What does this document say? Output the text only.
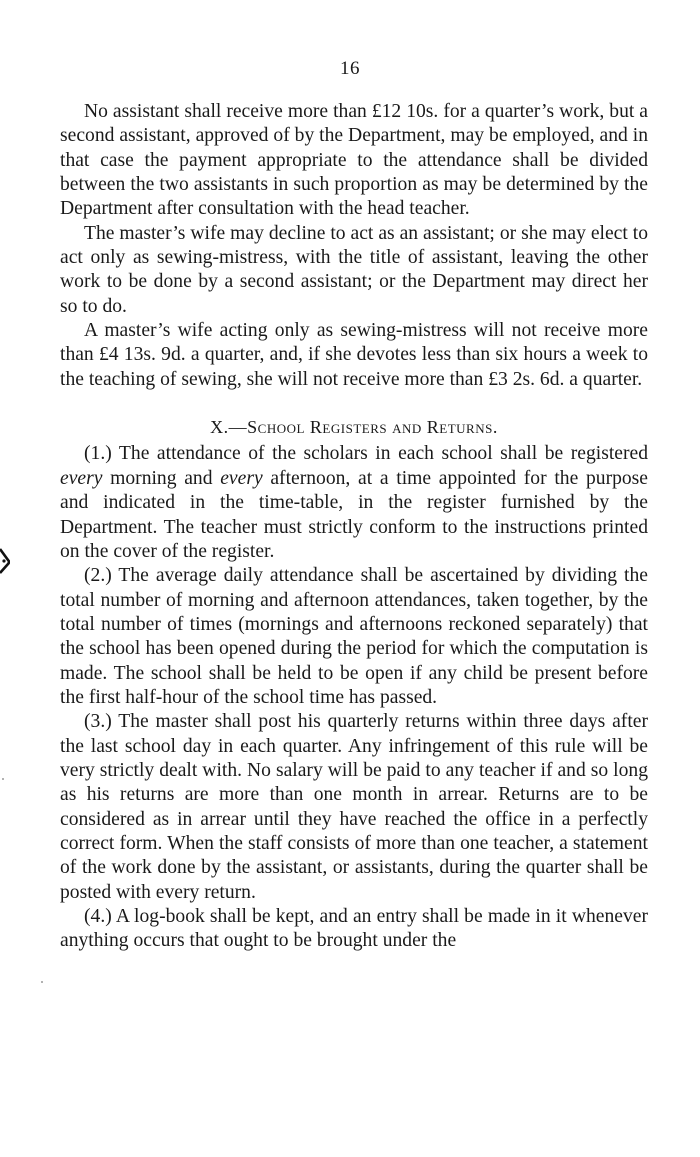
16

No assistant shall receive more than £12 10s. for a quarter’s work, but a second assistant, approved of by the Department, may be employed, and in that case the payment appropriate to the attendance shall be divided between the two assistants in such proportion as may be determined by the Department after consultation with the head teacher.

The master’s wife may decline to act as an assistant; or she may elect to act only as sewing-mistress, with the title of assistant, leaving the other work to be done by a second assistant; or the Department may direct her so to do.

A master’s wife acting only as sewing-mistress will not receive more than £4 13s. 9d. a quarter, and, if she devotes less than six hours a week to the teaching of sewing, she will not receive more than £3 2s. 6d. a quarter.

X.—School Registers and Returns.

(1.) The attendance of the scholars in each school shall be registered every morning and every afternoon, at a time appointed for the purpose and indicated in the time-table, in the register furnished by the Department. The teacher must strictly conform to the instructions printed on the cover of the register.

(2.) The average daily attendance shall be ascertained by dividing the total number of morning and afternoon attendances, taken together, by the total number of times (mornings and afternoons reckoned separately) that the school has been opened during the period for which the computation is made. The school shall be held to be open if any child be present before the first half-hour of the school time has passed.

(3.) The master shall post his quarterly returns within three days after the last school day in each quarter. Any infringement of this rule will be very strictly dealt with. No salary will be paid to any teacher if and so long as his returns are more than one month in arrear. Returns are to be considered as in arrear until they have reached the office in a perfectly correct form. When the staff consists of more than one teacher, a statement of the work done by the assistant, or assistants, during the quarter shall be posted with every return.

(4.) A log-book shall be kept, and an entry shall be made in it whenever anything occurs that ought to be brought under the
